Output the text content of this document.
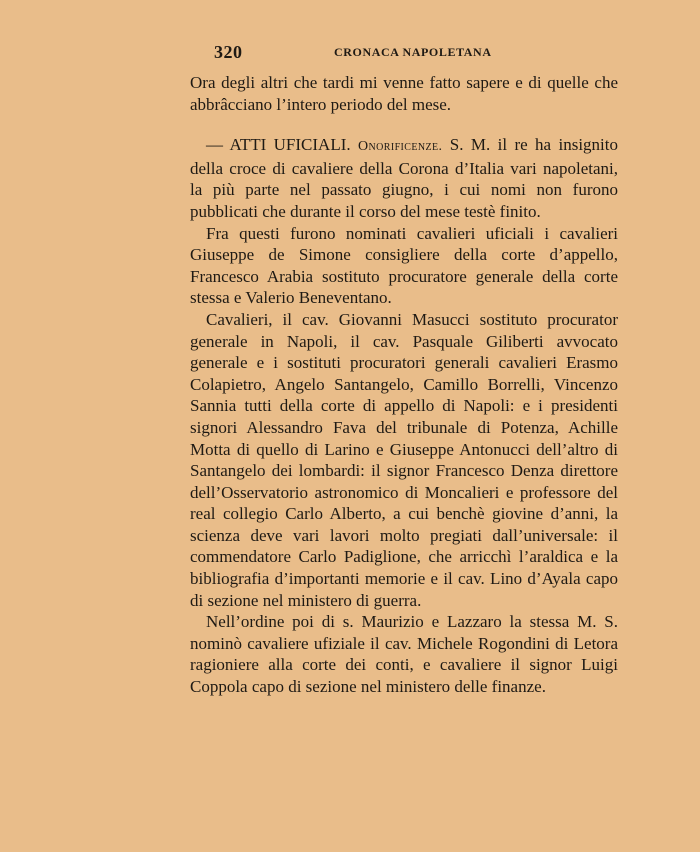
320	CRONACA NAPOLETANA

Ora degli altri che tardi mi venne fatto sapere e di quelle che abbrâcciano l’intero periodo del mese.

— ATTI UFICIALI. Onorificenze. S. M. il re ha insignito della croce di cavaliere della Corona d’Italia vari napoletani, la più parte nel passato giugno, i cui nomi non furono pubblicati che durante il corso del mese testè finito.

Fra questi furono nominati cavalieri uficiali i cavalieri Giuseppe de Simone consigliere della corte d’appello, Francesco Arabia sostituto procuratore generale della corte stessa e Valerio Beneventano.

Cavalieri, il cav. Giovanni Masucci sostituto procurator generale in Napoli, il cav. Pasquale Giliberti avvocato generale e i sostituti procuratori generali cavalieri Erasmo Colapietro, Angelo Santangelo, Camillo Borrelli, Vincenzo Sannia tutti della corte di appello di Napoli: e i presidenti signori Alessandro Fava del tribunale di Potenza, Achille Motta di quello di Larino e Giuseppe Antonucci dell’altro di Santangelo dei lombardi: il signor Francesco Denza direttore dell’Osservatorio astronomico di Moncalieri e professore del real collegio Carlo Alberto, a cui benchè giovine d’anni, la scienza deve vari lavori molto pregiati dall’universale: il commendatore Carlo Padiglione, che arricchì l’araldica e la bibliografia d’importanti memorie e il cav. Lino d’Ayala capo di sezione nel ministero di guerra.

Nell’ordine poi di s. Maurizio e Lazzaro la stessa M. S. nominò cavaliere ufiziale il cav. Michele Rogondini di Letora ragioniere alla corte dei conti, e cavaliere il signor Luigi Coppola capo di sezione nel ministero delle finanze.
